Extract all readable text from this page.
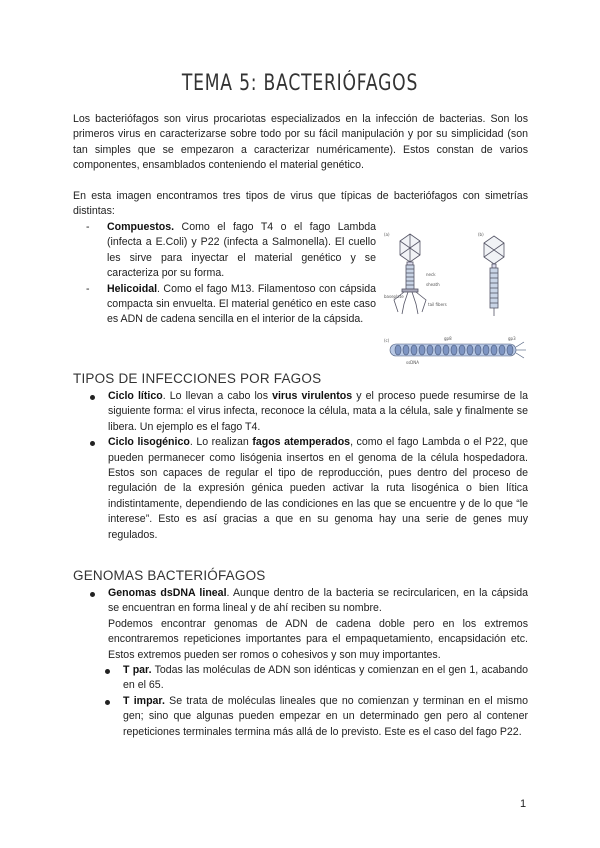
TEMA 5: BACTERIÓFAGOS

Los bacteriófagos son virus procariotas especializados en la infección de bacterias. Son los primeros virus en caracterizarse sobre todo por su fácil manipulación y por su simplicidad (son tan simples que se empezaron a caracterizar numéricamente). Estos constan de varios componentes, ensamblados conteniendo el material genético.

En esta imagen encontramos tres tipos de virus que típicas de bacteriófagos con simetrías distintas:

- Compuestos. Como el fago T4 o el fago Lambda (infecta a E.Coli) y P22 (infecta a Salmonella). El cuello les sirve para inyectar el material genético y se caracteriza por su forma.
- Helicoidal. Como el fago M13. Filamentoso con cápsida compacta sin envuelta. El material genético en este caso es ADN de cadena sencilla en el interior de la cápsida.
(a)	(b)
(c)
neck
sheath
tail fibers
baseplate
ssDNA
gp8	gp3
TIPOS DE INFECCIONES POR FAGOS
Ciclo lítico. Lo llevan a cabo los virus virulentos y el proceso puede resumirse de la siguiente forma: el virus infecta, reconoce la célula, mata a la célula, sale y finalmente se libera. Un ejemplo es el fago T4.
Ciclo lisogénico. Lo realizan fagos atemperados, como el fago Lambda o el P22, que pueden permanecer como lisógenia insertos en el genoma de la célula hospedadora. Estos son capaces de regular el tipo de reproducción, pues dentro del proceso de regulación de la expresión génica pueden activar la ruta lisogénica o bien lítica indistintamente, dependiendo de las condiciones en las que se encuentre y de lo que “le interese”. Esto es así gracias a que en su genoma hay una serie de genes muy regulados.
GENOMAS BACTERIÓFAGOS
Genomas dsDNA lineal. Aunque dentro de la bacteria se recircularicen, en la cápsida se encuentran en forma lineal y de ahí reciben su nombre.
Podemos encontrar genomas de ADN de cadena doble pero en los extremos encontraremos repeticiones importantes para el empaquetamiento, encapsidación etc. Estos extremos pueden ser romos o cohesivos y son muy importantes.
T par. Todas las moléculas de ADN son idénticas y comienzan en el gen 1, acabando en el 65.
T impar. Se trata de moléculas lineales que no comienzan y terminan en el mismo gen; sino que algunas pueden empezar en un determinado gen pero al contener repeticiones terminales termina más allá de lo previsto. Este es el caso del fago P22.
1
